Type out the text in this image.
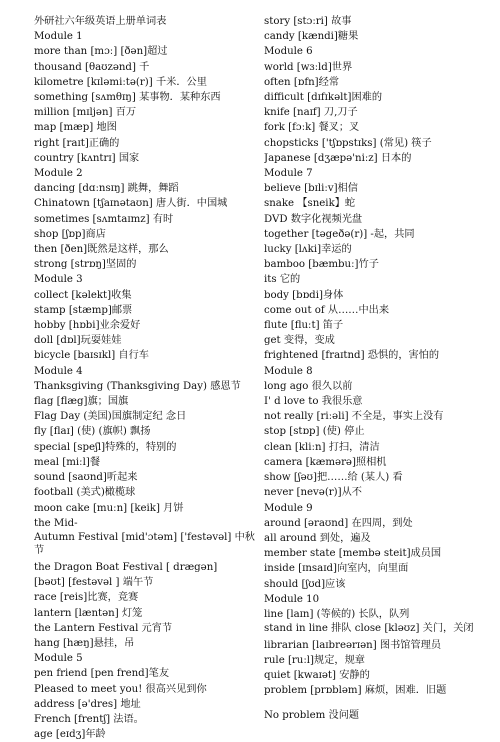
外研社六年级英语上册单词表
Module 1
more than [mɔː] [ðən]超过
thousand [θaʊzənd] 千
kilometre [kɪləmiːtə(r)] 千米．公里
something [sʌmθɪŋ] 某事物．某种东西
million [mɪljən] 百万
map [mæp] 地图
right [raɪt]正确的
country [kʌntrɪ] 国家
Module 2
dancing [dɑːnsɪŋ] 跳舞，舞蹈
Chinatown [tʃaɪnətaʊn] 唐人街．中国城
sometimes [sʌmtaɪmz] 有时
shop [ʃɒp]商店
then [ðen]既然是这样，那么
strong [strɒŋ]坚固的
Module 3
collect [kəlekt]收集
stamp [stæmp]邮票
hobby [hɒbi]业余爱好
doll [dɒl]玩耍娃娃
bicycle [baɪsɪkl] 自行车
Module 4
Thanksgiving (Thanksgiving Day) 感恩节
flag [flæg]旗；国旗
Flag Day (美国)国旗制定纪 念日
fly [flaɪ] (使) (旗帜) 飘扬
special [speʃl]特殊的，特别的
meal [miːl]餐
sound [saʊnd]听起来
football (美式)橄榄球
moon cake [muːn] [keik] 月饼
the Mid-
Autumn Festival [mid'ɔtəm] ['festəvəl] 中秋节
the Dragon Boat Festival [ drægən]
[bəʊt] [festəvəl ] 端午节
race [reis]比赛，竞赛
lantern [læntən] 灯笼
the Lantern Festival 元宵节
hang [hæŋ]悬挂，吊
Module 5
pen friend [pen frend]笔友
Pleased to meet you! 很高兴见到你
address [ə'dres] 地址
French [frentʃ] 法语。
age [eɪdʒ]年龄
story [stɔːri] 故事
candy [kændi]糖果
Module 6
world [wɜːld]世界
often [ɒfn]经常
difficult [dɪfɪkəlt]困难的
knife [naɪf] 刀,刀子
fork [fɔːk] 餐叉；叉
chopsticks ['tʃɒpstɪks] (常见) 筷子
Japanese [dʒæpə'niːz] 日本的
Module 7
believe [bɪliːv]相信
snake 【sneik】蛇
DVD 数字化视频光盘
together [təgeðə(r)] -起，共同
lucky [lʌki]幸运的
bamboo [bæmbuː]竹子
its 它的
body [bɒdi]身体
come out of 从……中出来
flute [fluːt] 笛子
get 变得，变成
frightened [fraɪtnd] 恐惧的，害怕的
Module 8
long ago 很久以前
I' d love to 我很乐意
not really [riːəli] 不全是，事实上没有
stop [stɒp] (使) 停止
clean [kliːn] 打扫，清洁
camera [kæmərə]照相机
show [ʃəʊ]把……给 (某人) 看
never [nevə(r)]从不
Module 9
around [əraʊnd] 在四周，到处
all around 到处，遍及
member state [membə steit]成员国
inside [ɪnsaɪd]向室内，向里面
should [ʃʊd]应该
Module 10
line [laɪn] (等候的) 长队，队列
stand in line 排队 close [klǝʊz] 关门，关闭
librarian [laɪbreərɪən] 图书馆管理员
rule [ruːl]规定，规章
quiet [kwaɪət] 安静的
problem [prɒbləm] 麻烦，困难．旧题
No problem 没问题
